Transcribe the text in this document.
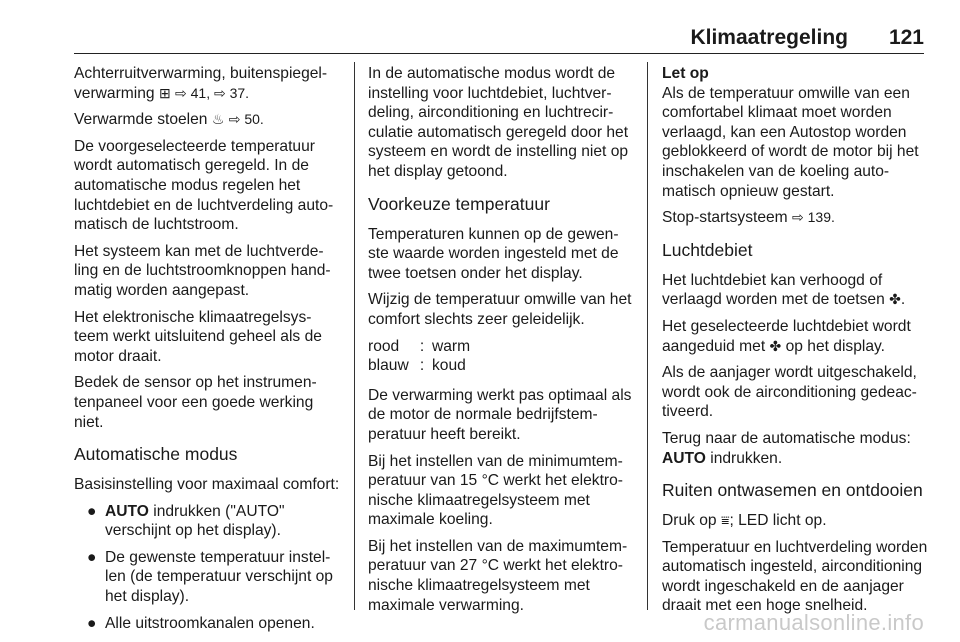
Klimaatregeling 121

Achterruitverwarming, buitenspiegel-verwarming ⊞ ⇨ 41, ⇨ 37.

Verwarmde stoelen ♨ ⇨ 50.

De voorgeselecteerde temperatuur wordt automatisch geregeld. In de automatische modus regelen het luchtdebiet en de luchtverdeling auto-matisch de luchtstroom.

Het systeem kan met de luchtverde-ling en de luchtstroomknoppen hand-matig worden aangepast.

Het elektronische klimaatregelsys-teem werkt uitsluitend geheel als de motor draait.

Bedek de sensor op het instrumen-tenpaneel voor een goede werking niet.

Automatische modus

Basisinstelling voor maximaal comfort:

● AUTO indrukken ("AUTO" verschijnt op het display).
● De gewenste temperatuur instel-len (de temperatuur verschijnt op het display).
● Alle uitstroomkanalen openen.

In de automatische modus wordt de instelling voor luchtdebiet, luchtver-deling, airconditioning en luchtrecir-culatie automatisch geregeld door het systeem en wordt de instelling niet op het display getoond.

Voorkeuze temperatuur

Temperaturen kunnen op de gewen-ste waarde worden ingesteld met de twee toetsen onder het display.

Wijzig de temperatuur omwille van het comfort slechts zeer geleidelijk.

rood	:	warm
blauw	:	koud

De verwarming werkt pas optimaal als de motor de normale bedrijfstem-peratuur heeft bereikt.

Bij het instellen van de minimumtem-peratuur van 15 °C werkt het elektro-nische klimaatregelsysteem met maximale koeling.

Bij het instellen van de maximumtem-peratuur van 27 °C werkt het elektro-nische klimaatregelsysteem met maximale verwarming.

Let op
Als de temperatuur omwille van een comfortabel klimaat moet worden verlaagd, kan een Autostop worden geblokkeerd of wordt de motor bij het inschakelen van de koeling auto-matisch opnieuw gestart.

Stop-startsysteem ⇨ 139.

Luchtdebiet

Het luchtdebiet kan verhoogd of verlaagd worden met de toetsen ✤.

Het geselecteerde luchtdebiet wordt aangeduid met ✤ op het display.

Als de aanjager wordt uitgeschakeld, wordt ook de airconditioning gedeac-tiveerd.

Terug naar de automatische modus:
AUTO indrukken.

Ruiten ontwasemen en ontdooien

Druk op ⩸; LED licht op.

Temperatuur en luchtverdeling worden automatisch ingesteld, airconditioning wordt ingeschakeld en de aanjager draait met een hoge snelheid.

carmanualsonline.info
